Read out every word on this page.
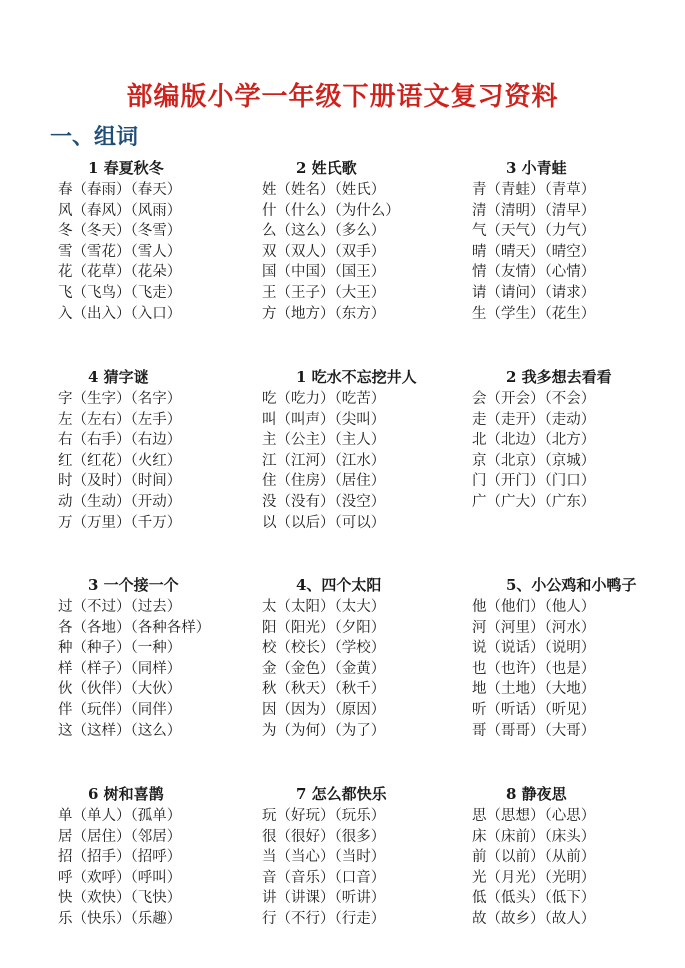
部编版小学一年级下册语文复习资料
一、组词
1 春夏秋冬
春（春雨）（春天）
风（春风）（风雨）
冬（冬天）（冬雪）
雪（雪花）（雪人）
花（花草）（花朵）
飞（飞鸟）（飞走）
入（出入）（入口）
2 姓氏歌
姓（姓名）（姓氏）
什（什么）（为什么）
么（这么）（多么）
双（双人）（双手）
国（中国）（国王）
王（王子）（大王）
方（地方）（东方）
3 小青蛙
青（青蛙）（青草）
清（清明）（清早）
气（天气）（力气）
晴（晴天）（晴空）
情（友情）（心情）
请（请问）（请求）
生（学生）（花生）
4 猜字谜
字（生字）（名字）
左（左右）（左手）
右（右手）（右边）
红（红花）（火红）
时（及时）（时间）
动（生动）（开动）
万（万里）（千万）
1 吃水不忘挖井人
吃（吃力）（吃苦）
叫（叫声）（尖叫）
主（公主）（主人）
江（江河）（江水）
住（住房）（居住）
没（没有）（没空）
以（以后）（可以）
2 我多想去看看
会（开会）（不会）
走（走开）（走动）
北（北边）（北方）
京（北京）（京城）
门（开门）（门口）
广（广大）（广东）
3 一个接一个
过（不过）（过去）
各（各地）（各种各样）
种（种子）（一种）
样（样子）（同样）
伙（伙伴）（大伙）
伴（玩伴）（同伴）
这（这样）（这么）
4、四个太阳
太（太阳）（太大）
阳（阳光）（夕阳）
校（校长）（学校）
金（金色）（金黄）
秋（秋天）（秋千）
因（因为）（原因）
为（为何）（为了）
5、小公鸡和小鸭子
他（他们）（他人）
河（河里）（河水）
说（说话）（说明）
也（也许）（也是）
地（土地）（大地）
听（听话）（听见）
哥（哥哥）（大哥）
6 树和喜鹊
单（单人）（孤单）
居（居住）（邻居）
招（招手）（招呼）
呼（欢呼）（呼叫）
快（欢快）（飞快）
乐（快乐）（乐趣）
7 怎么都快乐
玩（好玩）（玩乐）
很（很好）（很多）
当（当心）（当时）
音（音乐）（口音）
讲（讲课）（听讲）
行（不行）（行走）
8 静夜思
思（思想）（心思）
床（床前）（床头）
前（以前）（从前）
光（月光）（光明）
低（低头）（低下）
故（故乡）（故人）
